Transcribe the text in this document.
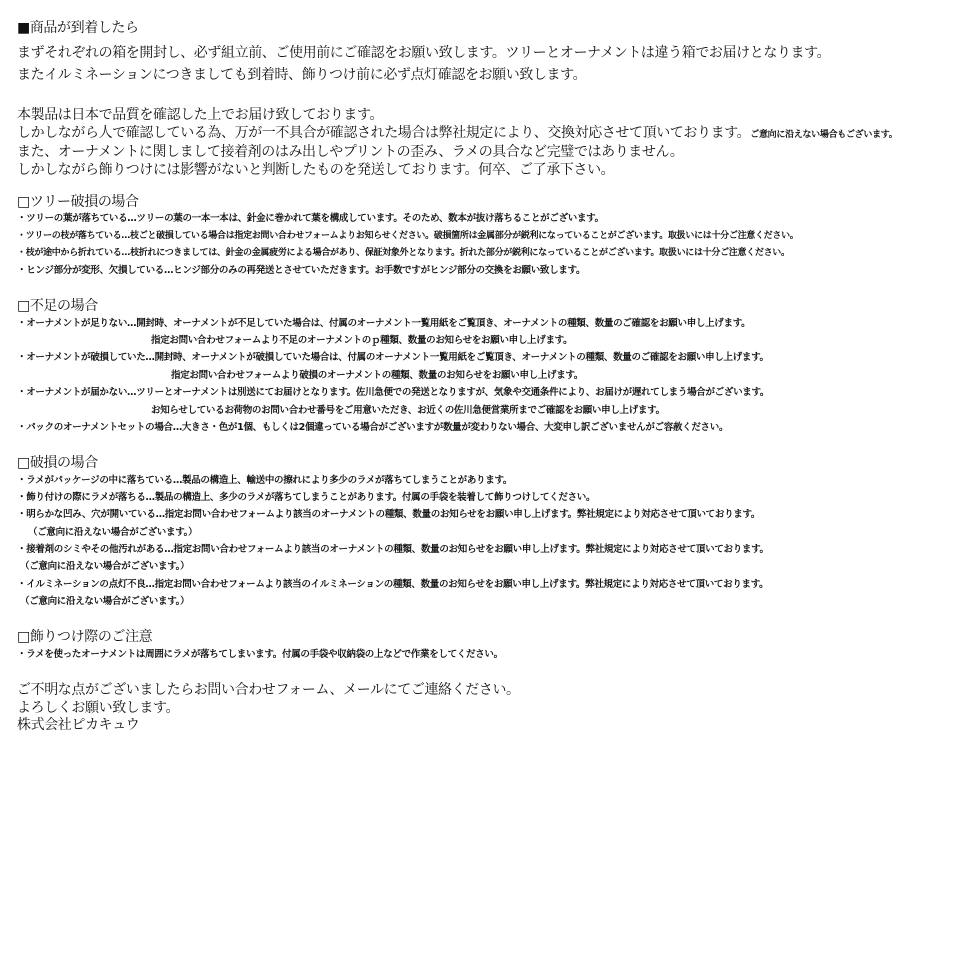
■商品が到着したら
まずそれぞれの箱を開封し、必ず組立前、ご使用前にご確認をお願い致します。ツリーとオーナメントは違う箱でお届けとなります。
またイルミネーションにつきましても到着時、飾りつけ前に必ず点灯確認をお願い致します。
本製品は日本で品質を確認した上でお届け致しております。
しかしながら人で確認している為、万が一不具合が確認された場合は弊社規定により、交換対応させて頂いております。ご意向に沿えない場合もございます。
また、オーナメントに関しまして接着剤のはみ出しやプリントの歪み、ラメの具合など完璧ではありません。
しかしながら飾りつけには影響がないと判断したものを発送しております。何卒、ご了承下さい。
□ツリー破損の場合
・ツリーの葉が落ちている…ツリーの葉の一本一本は、針金に巻かれて葉を構成しています。そのため、数本が抜け落ちることがございます。
・ツリーの枝が落ちている…枝ごと破損している場合は指定お問い合わせフォームよりお知らせください。破損箇所は金属部分が鋭利になっていることがございます。取扱いには十分ご注意ください。
・枝が途中から折れている…枝折れにつきましては、針金の金属疲労による場合があり、保証対象外となります。折れた部分が鋭利になっていることがございます。取扱いには十分ご注意ください。
・ヒンジ部分が変形、欠損している…ヒンジ部分のみの再発送とさせていただきます。お手数ですがヒンジ部分の交換をお願い致します。
□不足の場合
・オーナメントが足りない…開封時、オーナメントが不足していた場合は、付属のオーナメント一覧用紙をご覧頂き、オーナメントの種類、数量のご確認をお願い申し上げます。
指定お問い合わせフォームより不足のオーナメントのｐ種類、数量のお知らせをお願い申し上げます。
・オーナメントが破損していた…開封時、オーナメントが破損していた場合は、付属のオーナメント一覧用紙をご覧頂き、オーナメントの種類、数量のご確認をお願い申し上げます。
指定お問い合わせフォームより破損のオーナメントの種類、数量のお知らせをお願い申し上げます。
・オーナメントが届かない…ツリーとオーナメントは別送にてお届けとなります。佐川急便での発送となりますが、気象や交通条件により、お届けが遅れてしまう場合がございます。
お知らせしているお荷物のお問い合わせ番号をご用意いただき、お近くの佐川急便営業所までご確認をお願い申し上げます。
・パックのオーナメントセットの場合…大きさ・色が1個、もしくは2個違っている場合がございますが数量が変わりない場合、大変申し訳ございませんがご容赦ください。
□破損の場合
・ラメがパッケージの中に落ちている…製品の構造上、輸送中の擦れにより多少のラメが落ちてしまうことがあります。
・飾り付けの際にラメが落ちる…製品の構造上、多少のラメが落ちてしまうことがあります。付属の手袋を装着して飾りつけしてください。
・明らかな凹み、穴が開いている…指定お問い合わせフォームより該当のオーナメントの種類、数量のお知らせをお願い申し上げます。弊社規定により対応させて頂いております。
（ご意向に沿えない場合がございます。）
・接着剤のシミやその他汚れがある…指定お問い合わせフォームより該当のオーナメントの種類、数量のお知らせをお願い申し上げます。弊社規定により対応させて頂いております。
（ご意向に沿えない場合がございます。）
・イルミネーションの点灯不良…指定お問い合わせフォームより該当のイルミネーションの種類、数量のお知らせをお願い申し上げます。弊社規定により対応させて頂いております。
（ご意向に沿えない場合がございます。）
□飾りつけ際のご注意
・ラメを使ったオーナメントは周囲にラメが落ちてしまいます。付属の手袋や収納袋の上などで作業をしてください。
ご不明な点がございましたらお問い合わせフォーム、メールにてご連絡ください。
よろしくお願い致します。
株式会社ピカキュウ
